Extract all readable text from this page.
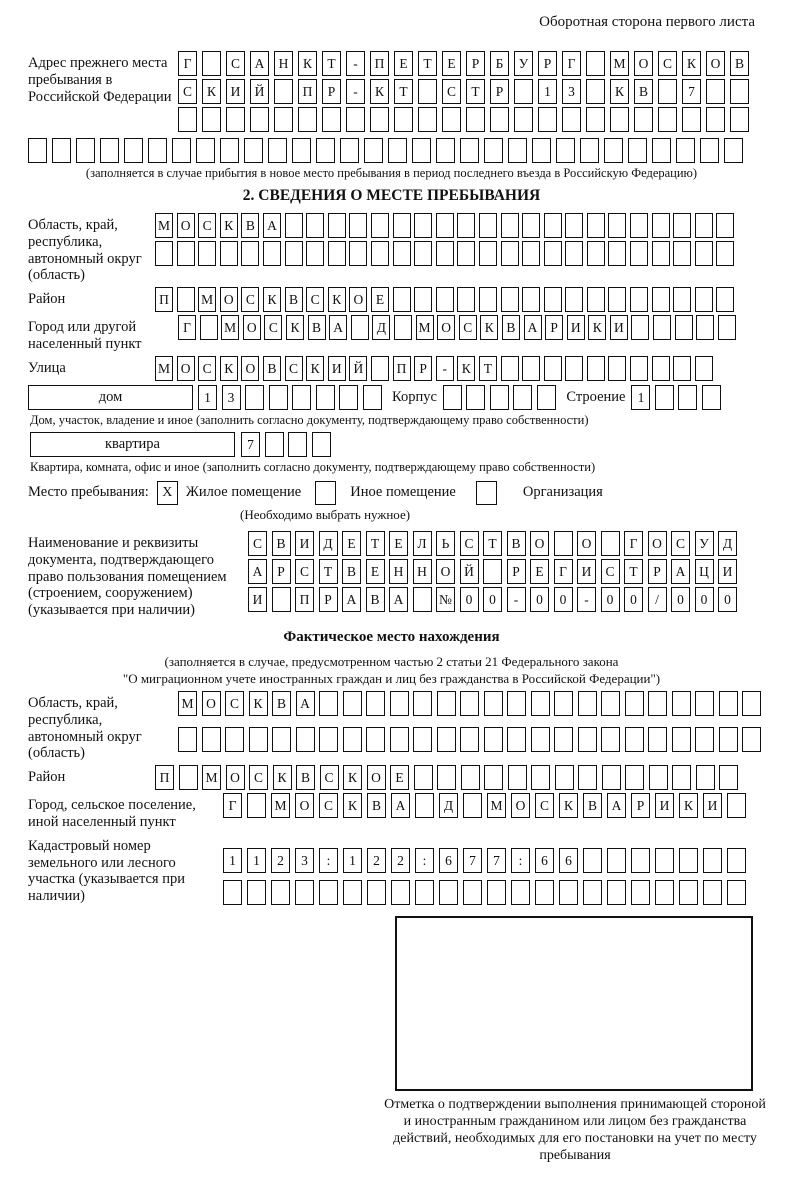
Оборотная сторона первого листа
Адрес прежнего места пребывания в Российской Федерации
Г	С	А	Н	К	Т	-	П	Е	Т	Е	Р	Б	У	Р	Г	М О	С	К	О	В
С	К	И	Й	П	Р	-	К	Т	С	Т	Р	1	3	К	В	7
(заполняется в случае прибытия в новое место пребывания в период последнего въезда в Российскую Федерацию)
2. СВЕДЕНИЯ О МЕСТЕ ПРЕБЫВАНИЯ
Область, край, республика, автономный округ (область)
М О С К В А
Район	П	М О С К В С К О Е
Город или другой населенный пункт
Г	М О С К В А	Д	М О С К В А Р И К И
Улица	М О С К О В С К И Й	П Р	-	К Т
дом	1	3	Корпус	Строение 1
Дом, участок, владение и иное (заполнить согласно документу, подтверждающему право собственности)
квартира	7
Квартира, комната, офис и иное (заполнить согласно документу, подтверждающему право собственности)
Место пребывания: X Жилое помещение	Иное помещение	Организация
(Необходимо выбрать нужное)
Наименование и реквизиты документа, подтверждающего право пользования помещением (строением, сооружением) (указывается при наличии)
С	В	И	Д	Е	Т	Е	Л	Ь	С	Т	В	О	О	Г	О	С	У	Д
А	Р	С	Т	В	Е	Н	Н	О	Й	Р	Е	Г	И	С	Т	Р	А	Ц	И
И	П	Р	А	В	А	№	0	0	-	0	0	-	0	0	/	0	0	0
Фактическое место нахождения
(заполняется в случае, предусмотренном частью 2 статьи 21 Федерального закона
"О миграционном учете иностранных граждан и лиц без гражданства в Российской Федерации")
Область, край, республика, автономный округ (область)
М О	С	К	В	А
Район	П	М О	С	К	В	С	К	О	Е
Город, сельское поселение, иной населенный пункт
Г	М О	С	К	В	А	Д	М О	С	К	В	А	Р	И	К	И
Кадастровый номер земельного или лесного участка (указывается при наличии)
1	1	2	3	:	1	2	2	:	6	7	7	:	6	6
Отметка о подтверждении выполнения принимающей стороной и иностранным гражданином или лицом без гражданства действий, необходимых для его постановки на учет по месту пребывания
